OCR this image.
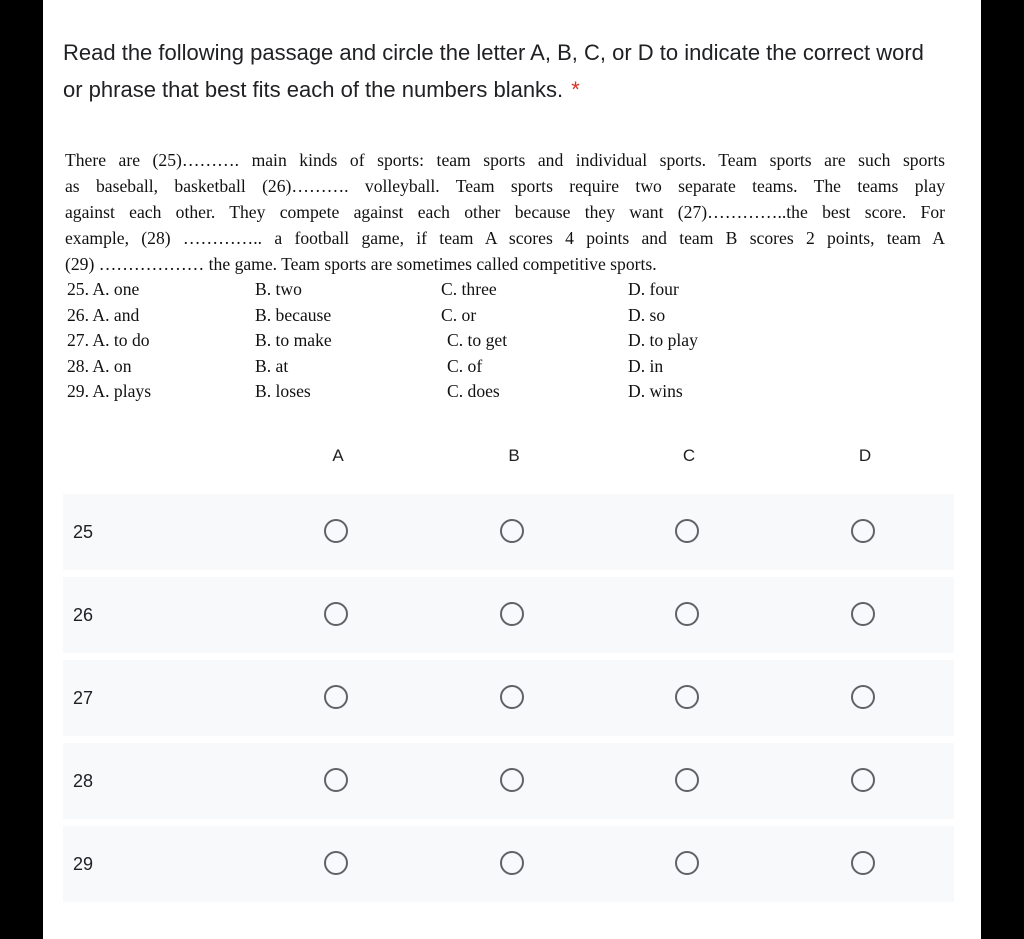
Read the following passage and circle the letter A, B, C, or D to indicate the correct word or phrase that best fits each of the numbers blanks. *
There are (25)………. main kinds of sports: team sports and individual sports. Team sports are such sports
as baseball, basketball (26)………. volleyball. Team sports require two separate teams. The teams play
against each other. They compete against each other because they want (27)…………..the best score. For
example, (28) ………….. a football game, if team A scores 4 points and team B scores 2 points, team A
(29) ……………… the game. Team sports are sometimes called competitive sports.
25. A. one	B. two	C. three	D. four
26. A. and	B. because	C. or	D. so
27. A. to do	B. to make	C. to get	D. to play
28. A. on	B. at	C. of	D. in
29. A. plays	B. loses	C. does	D. wins
A	B	C	D
25
26
27
28
29
